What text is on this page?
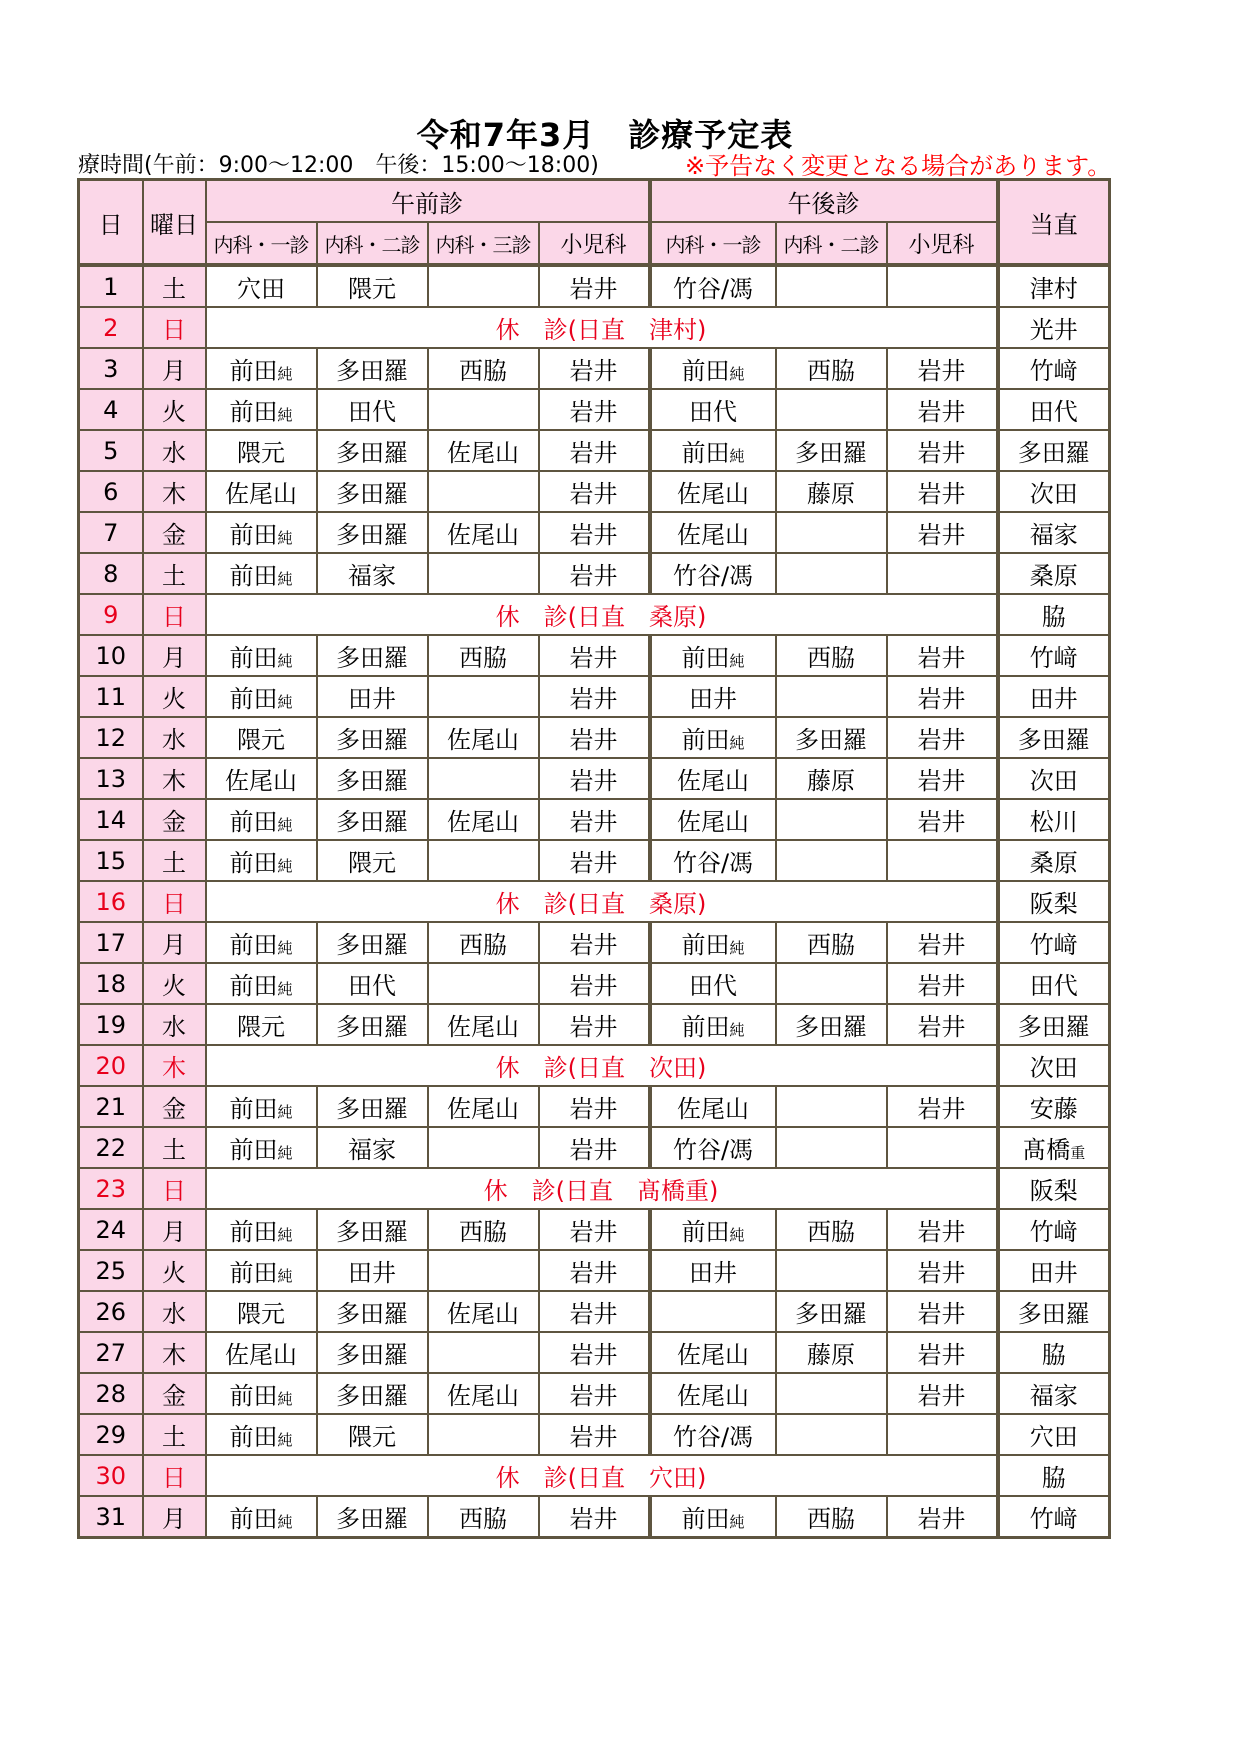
令和7年3月　診療予定表
療時間(午前：9:00～12:00　午後：15:00～18:00)	※予告なく変更となる場合があります。
日	曜日	午前診				午後診			当直
		内科・一診	内科・二診	内科・三診	小児科	内科・一診	内科・二診	小児科	
1	土	穴田	隈元		岩井	竹谷/馮			津村
2	日	休　診(日直　津村)							光井
3	月	前田純	多田羅	西脇	岩井	前田純	西脇	岩井	竹﨑
4	火	前田純	田代		岩井	田代		岩井	田代
5	水	隈元	多田羅	佐尾山	岩井	前田純	多田羅	岩井	多田羅
6	木	佐尾山	多田羅		岩井	佐尾山	藤原	岩井	次田
7	金	前田純	多田羅	佐尾山	岩井	佐尾山		岩井	福家
8	土	前田純	福家		岩井	竹谷/馮			桑原
9	日	休　診(日直　桑原)							脇
10	月	前田純	多田羅	西脇	岩井	前田純	西脇	岩井	竹﨑
11	火	前田純	田井		岩井	田井		岩井	田井
12	水	隈元	多田羅	佐尾山	岩井	前田純	多田羅	岩井	多田羅
13	木	佐尾山	多田羅		岩井	佐尾山	藤原	岩井	次田
14	金	前田純	多田羅	佐尾山	岩井	佐尾山		岩井	松川
15	土	前田純	隈元		岩井	竹谷/馮			桑原
16	日	休　診(日直　桑原)							阪梨
17	月	前田純	多田羅	西脇	岩井	前田純	西脇	岩井	竹﨑
18	火	前田純	田代		岩井	田代		岩井	田代
19	水	隈元	多田羅	佐尾山	岩井	前田純	多田羅	岩井	多田羅
20	木	休　診(日直　次田)							次田
21	金	前田純	多田羅	佐尾山	岩井	佐尾山		岩井	安藤
22	土	前田純	福家		岩井	竹谷/馮			髙橋重
23	日	休　診(日直　髙橋重)							阪梨
24	月	前田純	多田羅	西脇	岩井	前田純	西脇	岩井	竹﨑
25	火	前田純	田井		岩井	田井		岩井	田井
26	水	隈元	多田羅	佐尾山	岩井		多田羅	岩井	多田羅
27	木	佐尾山	多田羅		岩井	佐尾山	藤原	岩井	脇
28	金	前田純	多田羅	佐尾山	岩井	佐尾山		岩井	福家
29	土	前田純	隈元		岩井	竹谷/馮			穴田
30	日	休　診(日直　穴田)							脇
31	月	前田純	多田羅	西脇	岩井	前田純	西脇	岩井	竹﨑
